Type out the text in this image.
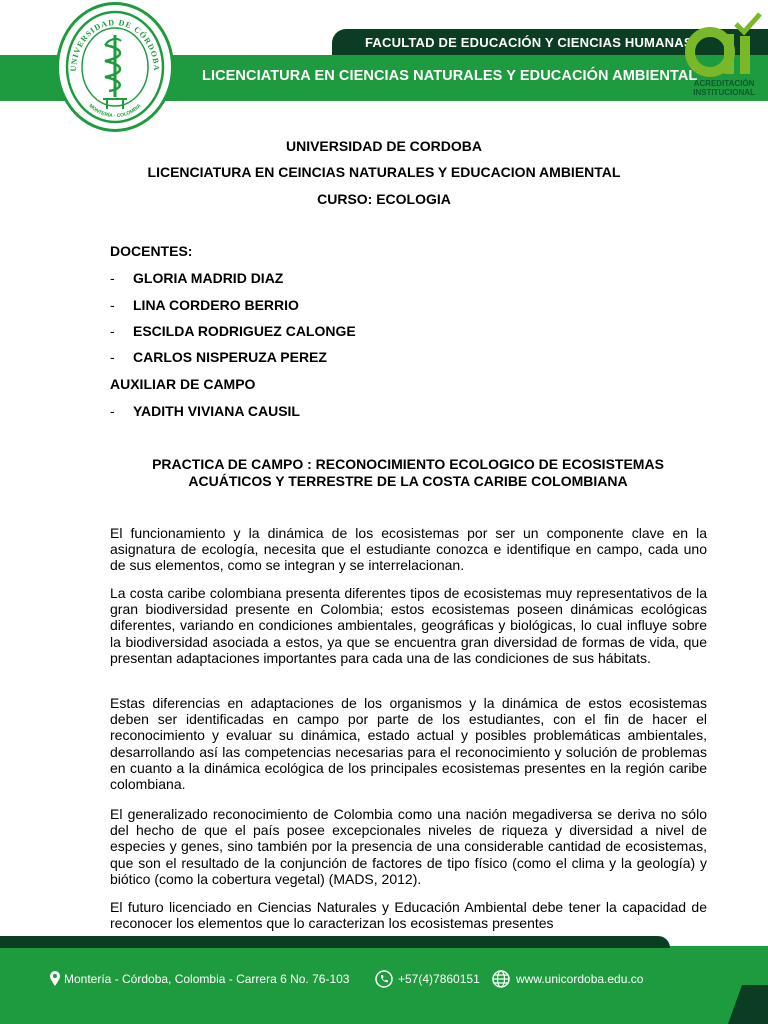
FACULTAD DE EDUCACIÓN Y CIENCIAS HUMANAS
LICENCIATURA EN CIENCIAS NATURALES Y EDUCACIÓN AMBIENTAL
UNIVERSIDAD DE CÓRDOBA
MONTERÍA - COLOMBIA
ACREDITACIÓN INSTITUCIONAL
UNIVERSIDAD DE CORDOBA
LICENCIATURA EN CEINCIAS NATURALES Y EDUCACION AMBIENTAL
CURSO: ECOLOGIA
DOCENTES:
- GLORIA MADRID DIAZ
- LINA CORDERO BERRIO
- ESCILDA RODRIGUEZ CALONGE
- CARLOS NISPERUZA PEREZ
AUXILIAR DE CAMPO
- YADITH VIVIANA CAUSIL
PRACTICA DE CAMPO : RECONOCIMIENTO ECOLOGICO DE ECOSISTEMAS
ACUÁTICOS Y TERRESTRE DE LA COSTA CARIBE COLOMBIANA
El funcionamiento y la dinámica de los ecosistemas por ser un componente clave en la asignatura de ecología, necesita que el estudiante conozca e identifique en campo, cada uno de sus elementos, como se integran y se interrelacionan.
La costa caribe colombiana presenta diferentes tipos de ecosistemas muy representativos de la gran biodiversidad presente en Colombia; estos ecosistemas poseen dinámicas ecológicas diferentes, variando en condiciones ambientales, geográficas y biológicas, lo cual influye sobre la biodiversidad asociada a estos, ya que se encuentra gran diversidad de formas de vida, que presentan adaptaciones importantes para cada una de las condiciones de sus hábitats.
Estas diferencias en adaptaciones de los organismos y la dinámica de estos ecosistemas deben ser identificadas en campo por parte de los estudiantes, con el fin de hacer el reconocimiento y evaluar su dinámica, estado actual y posibles problemáticas ambientales, desarrollando así las competencias necesarias para el reconocimiento y solución de problemas en cuanto a la dinámica ecológica de los principales ecosistemas presentes en la región caribe colombiana.
El generalizado reconocimiento de Colombia como una nación megadiversa se deriva no sólo del hecho de que el país posee excepcionales niveles de riqueza y diversidad a nivel de especies y genes, sino también por la presencia de una considerable cantidad de ecosistemas, que son el resultado de la conjunción de factores de tipo físico (como el clima y la geología) y biótico (como la cobertura vegetal) (MADS, 2012).
El futuro licenciado en Ciencias Naturales y Educación Ambiental debe tener la capacidad de reconocer los elementos que lo caracterizan los ecosistemas presentes
Montería - Córdoba, Colombia - Carrera 6 No. 76-103	+57(4)7860151	www.unicordoba.edu.co
